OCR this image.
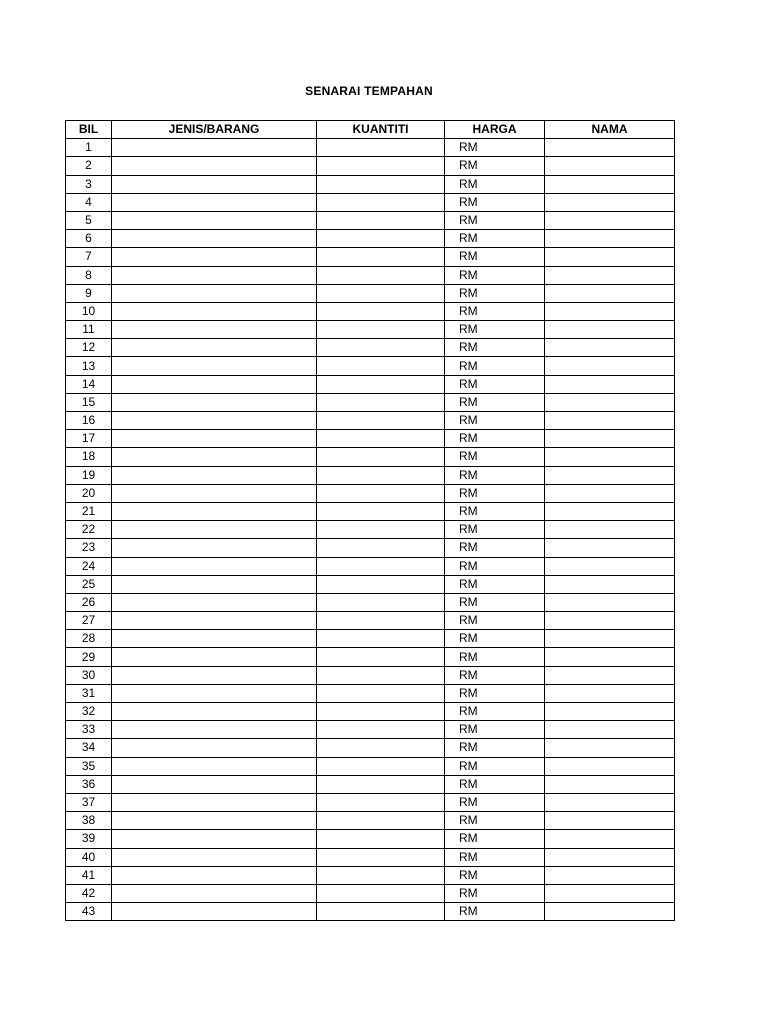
SENARAI TEMPAHAN
BIL	JENIS/BARANG	KUANTITI	HARGA	NAMA
1			RM	
2			RM	
3			RM	
4			RM	
5			RM	
6			RM	
7			RM	
8			RM	
9			RM	
10			RM	
11			RM	
12			RM	
13			RM	
14			RM	
15			RM	
16			RM	
17			RM	
18			RM	
19			RM	
20			RM	
21			RM	
22			RM	
23			RM	
24			RM	
25			RM	
26			RM	
27			RM	
28			RM	
29			RM	
30			RM	
31			RM	
32			RM	
33			RM	
34			RM	
35			RM	
36			RM	
37			RM	
38			RM	
39			RM	
40			RM	
41			RM	
42			RM	
43			RM	
